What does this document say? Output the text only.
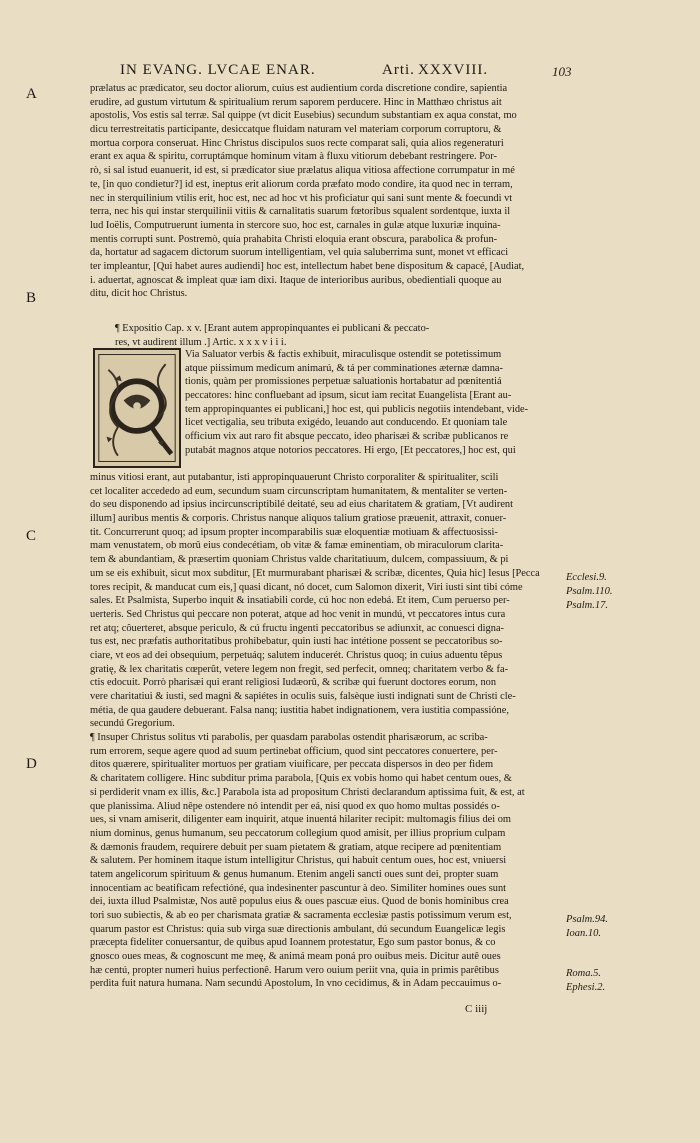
IN EVANG. LVCAE ENAR.	Arti. XXXVIII.	103
A
B
C
D
prælatus ac prædicator, seu doctor aliorum, cuius est audientium corda discretione condire, sapientia
erudire, ad gustum virtutum & spiritualium rerum saporem perducere. Hinc in Matthæo christus ait
apostolis, Vos estis sal terræ. Sal quippe (vt dicit Eusebius) secundum substantiam ex aqua constat, mo
dicu terrestreitatis participante, desiccatque fluidam naturam vel materiam corporum corruptoru, &
mortua corpora conseruat. Hinc Christus discipulos suos recte comparat sali, quia alios regeneraturi
erant ex aqua & spiritu, corruptámque hominum vitam à fluxu vitiorum debebant restringere. Por-
rò, si sal istud euanuerit, id est, si prædicator siue prælatus aliqua vitiosa affectione corrumpatur in mé
te, [in quo condietur?] id est, ineptus erit aliorum corda præfato modo condire, ita quod nec in terram,
nec in sterquilinium vtilis erit, hoc est, nec ad hoc vt his proficiatur qui sani sunt mente & foecundi vt
terra, nec his qui instar sterquilinii vitiis & carnalitatis suarum fœtoribus squalent sordentque, iuxta il
lud Ioëlis, Computruerunt iumenta in stercore suo, hoc est, carnales in gulæ atque luxuriæ inquina-
mentis corrupti sunt. Postremò, quia prahabita Christi eloquia erant obscura, parabolica & profun-
da, hortatur ad sagacem dictorum suorum intelligentiam, vel quia saluberrima sunt, monet vt efficaci
ter impleantur, [Qui habet aures audiendi] hoc est, intellectum habet bene dispositum & capacé, [Audiat,
i. aduertat, agnoscat & impleat quæ iam dixi. Itaque de interioribus auribus, obedientiali quoque au
ditu, dicit hoc Christus.
¶ Expositio Cap. x v. [Erant autem appropinquantes ei publicani & peccato-
res, vt audirent illum .] Artic. x x x v i i i.
Via Saluator verbis & factis exhibuit, miraculisque ostendit se potetissimum
atque piissimum medicum animarú, & tá per comminationes æternæ damna-
tionis, quàm per promissiones perpetuæ saluationis hortabatur ad pœnitentiá
peccatores: hinc confluebant ad ipsum, sicut iam recitat Euangelista [Erant au-
tem appropinquantes ei publicani,] hoc est, qui publicis negotiis intendebant, vide-
licet vectigalia, seu tributa exigédo, leuando aut conducendo. Et quoniam tale
officium vix aut raro fit absque peccato, ideo pharisæi & scribæ publicanos re
putabát magnos atque notorios peccatores. Hi ergo, [Et peccatores,] hoc est, qui
minus vitiosi erant, aut putabantur, isti appropinquauerunt Christo corporaliter & spiritualiter, scili
cet localiter accededo ad eum, secundum suam circunscriptam humanitatem, & mentaliter se verten-
do seu disponendo ad ipsius incircunscriptibilé deitaté, seu ad eius charitatem & gratiam, [Vt audirent
illum] auribus mentis & corporis. Christus nanque aliquos talium gratiose præuenit, attraxit, conuer-
tit. Concurrerunt quoq; ad ipsum propter incomparabilis suæ eloquentiæ motiuam & affectuosissi-
mam venustatem, ob morû eius condecétiam, ob vitæ & famæ eminentiam, ob miraculorum clarita-
tem & abundantiam, & præsertim quoniam Christus valde charitatiuum, dulcem, compassiuum, & pi
um se eis exhibuit, sicut mox subditur, [Et murmurabant pharisæi & scribæ, dicentes, Quia hic] Iesus [Pecca
tores recipit, & manducat cum eis,] quasi dicant, nó docet, cum Salomon dixerit, Viri iusti sint tibi cóme
sales. Et Psalmista, Superbo inquit & insatiabili corde, cú hoc non edebá. Et item, Cum peruerso per-
uerteris. Sed Christus qui peccare non poterat, atque ad hoc venit in mundú, vt peccatores intus cura
ret atq; côuerteret, absque periculo, & cú fructu ingenti peccatoribus se adiunxit, ac conuesci digna-
tus est, nec præfatis authoritatibus prohibebatur, quin iusti hac intétione possent se peccatoribus so-
ciare, vt eos ad dei obsequium, perpetuáq; salutem inducerét. Christus quoq; in cuius aduentu têpus
gratię, & lex charitatis cœperût, vetere legem non fregit, sed perfecit, omneq; charitatem verbo & fa-
ctis edocuit. Porrò pharisæi qui erant religiosi Iudæorû, & scribæ qui fuerunt doctores eorum, non
vere charitatiui & iusti, sed magni & sapiétes in oculis suis, falsèque iusti indignati sunt de Christi cle-
métia, de qua gaudere debuerant. Falsa nanq; iustitia habet indignationem, vera iustitia compassióne,
secundú Gregorium.
¶ Insuper Christus solitus vti parabolis, per quasdam parabolas ostendit pharisæorum, ac scriba-
rum errorem, seque agere quod ad suum pertinebat officium, quod sint peccatores conuertere, per-
ditos quærere, spiritualiter mortuos per gratiam viuificare, per peccata dispersos in deo per fidem
& charitatem colligere. Hinc subditur prima parabola, [Quis ex vobis homo qui habet centum oues, &
si perdiderit vnam ex illis, &c.] Parabola ista ad propositum Christi declarandum aptissima fuit, & est, at
que planissima. Aliud nêpe ostendere nó intendit per eá, nisi quod ex quo homo multas possidés o-
ues, si vnam amiserit, diligenter eam inquirit, atque inuentá hilariter recipit: multomagis filius dei om
nium dominus, genus humanum, seu peccatorum collegium quod amisit, per illius proprium culpam
& dæmonis fraudem, requirere debuit per suam pietatem & gratiam, atque recipere ad pœnitentiam
& salutem. Per hominem itaque istum intelligitur Christus, qui habuit centum oues, hoc est, vniuersi
tatem angelicorum spirituum & genus humanum. Etenim angeli sancti oues sunt dei, propter suam
innocentiam ac beatificam refectióné, qua indesinenter pascuntur à deo. Similiter homines oues sunt
dei, iuxta illud Psalmistæ, Nos autê populus eius & oues pascuæ eius. Quod de bonis hominibus crea
tori suo subiectis, & ab eo per charismata gratiæ & sacramenta ecclesiæ pastis potissimum verum est,
quarum pastor est Christus: quia sub virga suæ directionis ambulant, dú secundum Euangelicæ legis
præcepta fideliter conuersantur, de quibus apud Ioannem protestatur, Ego sum pastor bonus, & co
gnosco oues meas, & cognoscunt me meę, & animá meam poná pro ouibus meis. Dicitur autê oues
hæ centú, propter numeri huius perfectionê. Harum vero ouium periit vna, quia in primis parêtibus
perdita fuit natura humana. Nam secundú Apostolum, In vno cecidimus, & in Adam peccauimus o-
Ecclesi.9.
Psalm.110.
Psalm.17.
Psalm.94.
Ioan.10.
Roma.5.
Ephesi.2.
C iiij
